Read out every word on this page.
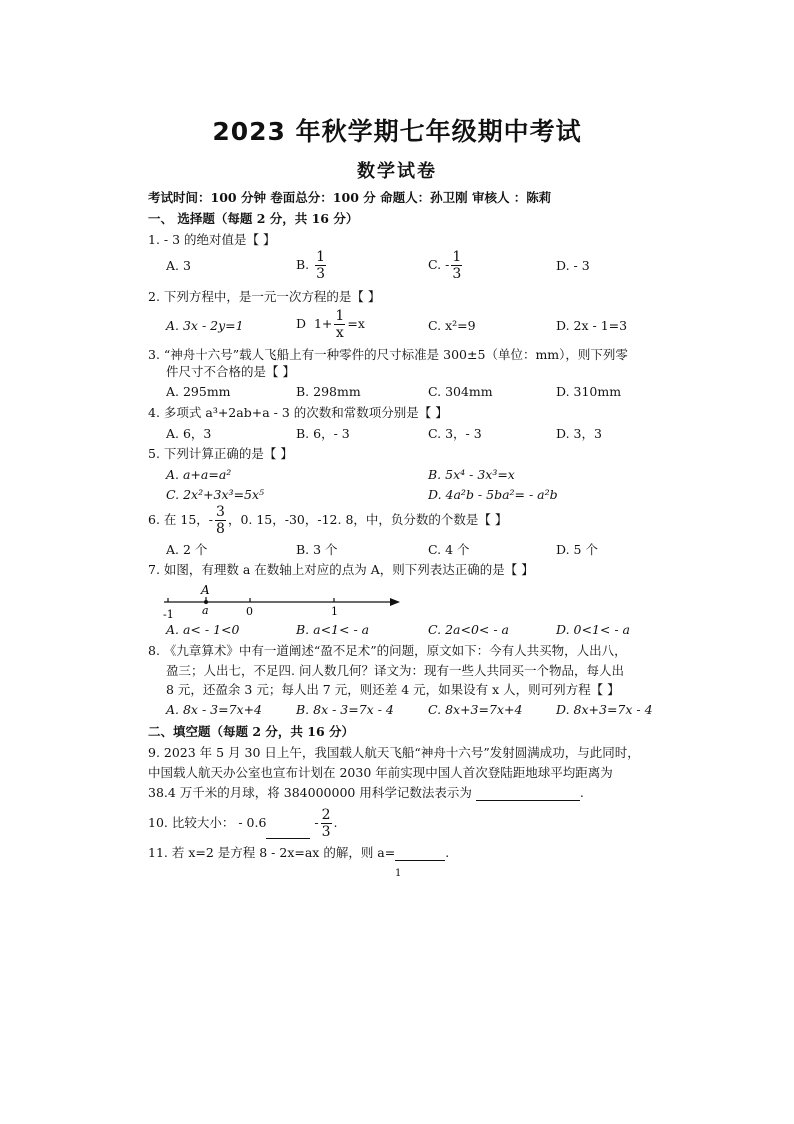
2023 年秋学期七年级期中考试
数学试卷
考试时间：100 分钟 卷面总分：100 分 命题人：孙卫刚 审核人 ：陈莉
一、 选择题（每题 2 分，共 16 分）
1. - 3 的绝对值是【 】
A. 3	B. $\frac{1}{3}$	C. - $\frac{1}{3}$	D. - 3
2. 下列方程中，是一元一次方程的是【 】
A. 3x - 2y=1	D $1+ \frac{1}{x} =x$	C. x²=9	D. 2x - 1=3
3. “神舟十六号”载人飞船上有一种零件的尺寸标准是 300±5（单位：mm），则下列零
件尺寸不合格的是【 】
A. 295mm	B. 298mm	C. 304mm	D. 310mm
4. 多项式 a³+2ab+a - 3 的次数和常数项分别是【 】
A. 6，3	B. 6，- 3	C. 3，- 3	D. 3，3
5. 下列计算正确的是【 】
A. a+a=a²	B. 5x⁴ - 3x³=x
C. 2x²+3x³=5x⁵	D. 4a²b - 5ba²= - a²b
6. 在 15，- $\frac{3}{8}$ ，0. 15，-30，-12. 8，中，负分数的个数是【 】
A. 2 个	B. 3 个	C. 4 个	D. 5 个
7. 如图，有理数 a 在数轴上对应的点为 A，则下列表达正确的是【 】
A
-1	a	0	1
A. a< - 1<0	B. a<1< - a	C. 2a<0< - a	D. 0<1< - a
8. 《九章算术》中有一道阐述“盈不足术”的问题，原文如下：今有人共买物，人出八，
盈三；人出七，不足四. 问人数几何？译文为：现有一些人共同买一个物品，每人出
8 元，还盈余 3 元；每人出 7 元，则还差 4 元，如果设有 x 人，则可列方程【 】
A. 8x - 3=7x+4	B. 8x - 3=7x - 4	C. 8x+3=7x+4	D. 8x+3=7x - 4
二、填空题（每题 2 分，共 16 分）
9. 2023 年 5 月 30 日上午，我国载人航天飞船“神舟十六号”发射圆满成功，与此同时，
中国载人航天办公室也宣布计划在 2030 年前实现中国人首次登陆距地球平均距离为
38.4 万千米的月球，将 384000000 用科学记数法表示为	.
10. 比较大小： - 0.6	- $\frac{2}{3}$ .
11. 若 x=2 是方程 8 - 2x=ax 的解，则 a=	.
1
